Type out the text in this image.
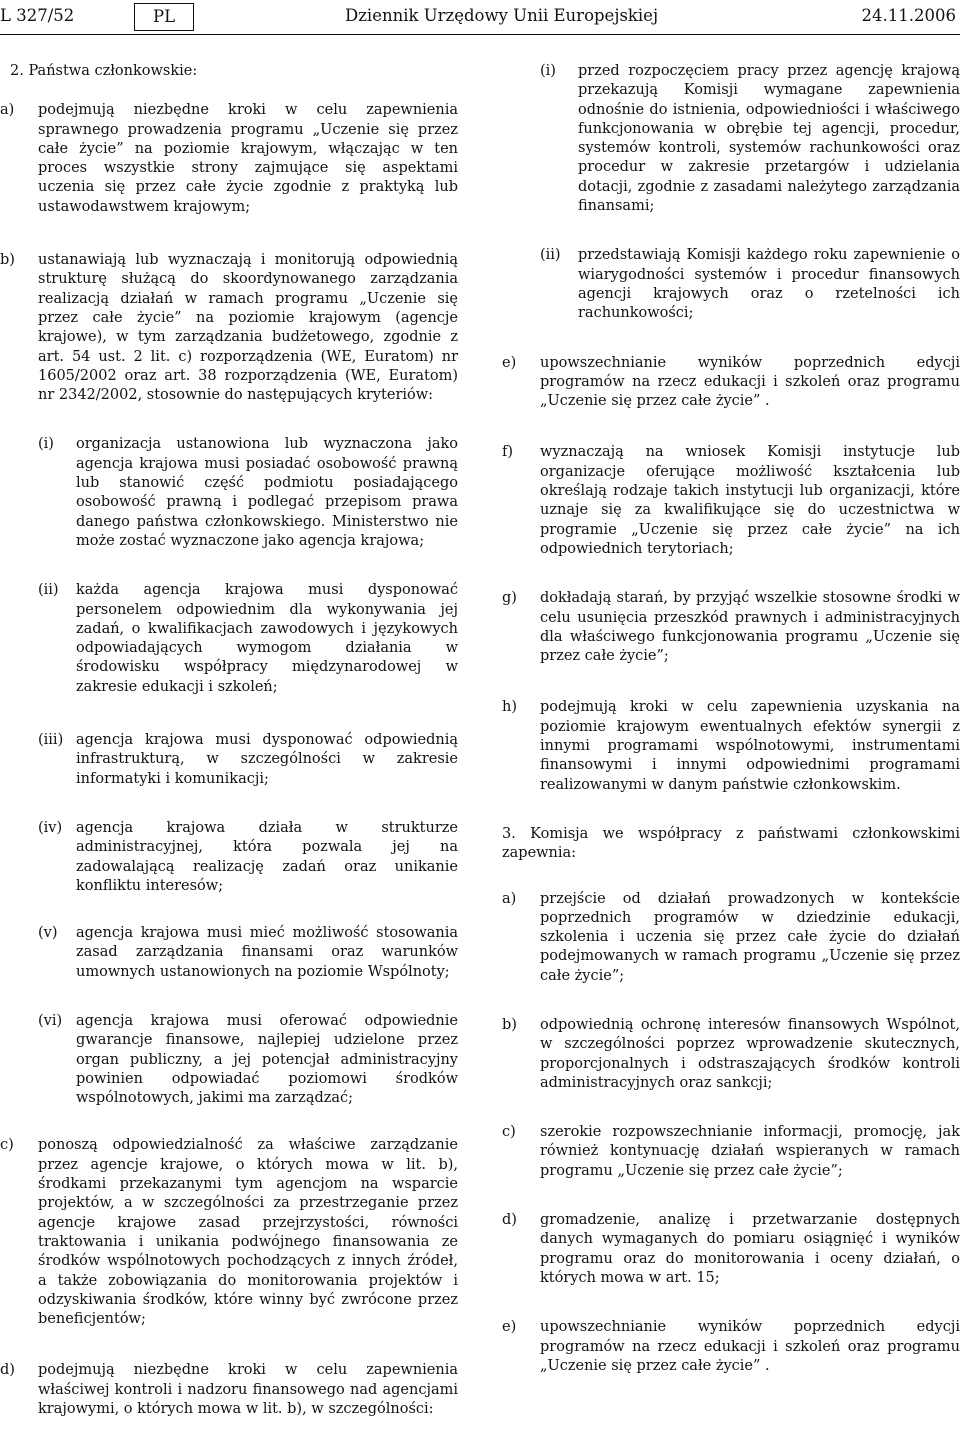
L 327/52	PL	Dziennik Urzędowy Unii Europejskiej	24.11.2006
2. Państwa członkowskie:
a) podejmują niezbędne kroki w celu zapewnienia sprawnego prowadzenia programu „Uczenie się przez całe życie” na poziomie krajowym, włączając w ten proces wszystkie strony zajmujące się aspektami uczenia się przez całe życie zgodnie z praktyką lub ustawodawstwem krajowym;
b) ustanawiają lub wyznaczają i monitorują odpowiednią strukturę służącą do skoordynowanego zarządzania realizacją działań w ramach programu „Uczenie się przez całe życie” na poziomie krajowym (agencje krajowe), w tym zarządzania budżetowego, zgodnie z art. 54 ust. 2 lit. c) rozporządzenia (WE, Euratom) nr 1605/2002 oraz art. 38 rozporządzenia (WE, Euratom) nr 2342/2002, stosownie do następujących kryteriów:
(i) organizacja ustanowiona lub wyznaczona jako agencja krajowa musi posiadać osobowość prawną lub stanowić część podmiotu posiadającego osobowość prawną i podlegać przepisom prawa danego państwa członkowskiego. Ministerstwo nie może zostać wyznaczone jako agencja krajowa;
(ii) każda agencja krajowa musi dysponować personelem odpowiednim dla wykonywania jej zadań, o kwalifikacjach zawodowych i językowych odpowiadających wymogom działania w środowisku współpracy międzynarodowej w zakresie edukacji i szkoleń;
(iii) agencja krajowa musi dysponować odpowiednią infrastrukturą, w szczególności w zakresie informatyki i komunikacji;
(iv) agencja krajowa działa w strukturze administracyjnej, która pozwala jej na zadowalającą realizację zadań oraz unikanie konfliktu interesów;
(v) agencja krajowa musi mieć możliwość stosowania zasad zarządzania finansami oraz warunków umownych ustanowionych na poziomie Wspólnoty;
(vi) agencja krajowa musi oferować odpowiednie gwarancje finansowe, najlepiej udzielone przez organ publiczny, a jej potencjał administracyjny powinien odpowiadać poziomowi środków wspólnotowych, jakimi ma zarządzać;
c) ponoszą odpowiedzialność za właściwe zarządzanie przez agencje krajowe, o których mowa w lit. b), środkami przekazanymi tym agencjom na wsparcie projektów, a w szczególności za przestrzeganie przez agencje krajowe zasad przejrzystości, równości traktowania i unikania podwójnego finansowania ze środków wspólnotowych pochodzących z innych źródeł, a także zobowiązania do monitorowania projektów i odzyskiwania środków, które winny być zwrócone przez beneficjentów;
d) podejmują niezbędne kroki w celu zapewnienia właściwej kontroli i nadzoru finansowego nad agencjami krajowymi, o których mowa w lit. b), w szczególności:
(i) przed rozpoczęciem pracy przez agencję krajową przekazują Komisji wymagane zapewnienia odnośnie do istnienia, odpowiedniości i właściwego funkcjonowania w obrębie tej agencji, procedur, systemów kontroli, systemów rachunkowości oraz procedur w zakresie przetargów i udzielania dotacji, zgodnie z zasadami należytego zarządzania finansami;
(ii) przedstawiają Komisji każdego roku zapewnienie o wiarygodności systemów i procedur finansowych agencji krajowych oraz o rzetelności ich rachunkowości;
e) upowszechnianie wyników poprzednich edycji programów na rzecz edukacji i szkoleń oraz programu „Uczenie się przez całe życie” .
f) wyznaczają na wniosek Komisji instytucje lub organizacje oferujące możliwość kształcenia lub określają rodzaje takich instytucji lub organizacji, które uznaje się za kwalifikujące się do uczestnictwa w programie „Uczenie się przez całe życie” na ich odpowiednich terytoriach;
g) dokładają starań, by przyjąć wszelkie stosowne środki w celu usunięcia przeszkód prawnych i administracyjnych dla właściwego funkcjonowania programu „Uczenie się przez całe życie”;
h) podejmują kroki w celu zapewnienia uzyskania na poziomie krajowym ewentualnych efektów synergii z innymi programami wspólnotowymi, instrumentami finansowymi i innymi odpowiednimi programami realizowanymi w danym państwie członkowskim.
3. Komisja we współpracy z państwami członkowskimi zapewnia:
a) przejście od działań prowadzonych w kontekście poprzednich programów w dziedzinie edukacji, szkolenia i uczenia się przez całe życie do działań podejmowanych w ramach programu „Uczenie się przez całe życie”;
b) odpowiednią ochronę interesów finansowych Wspólnot, w szczególności poprzez wprowadzenie skutecznych, proporcjonalnych i odstraszających środków kontroli administracyjnych oraz sankcji;
c) szerokie rozpowszechnianie informacji, promocję, jak również kontynuację działań wspieranych w ramach programu „Uczenie się przez całe życie”;
d) gromadzenie, analizę i przetwarzanie dostępnych danych wymaganych do pomiaru osiągnięć i wyników programu oraz do monitorowania i oceny działań, o których mowa w art. 15;
e) upowszechnianie wyników poprzednich edycji programów na rzecz edukacji i szkoleń oraz programu „Uczenie się przez całe życie” .
